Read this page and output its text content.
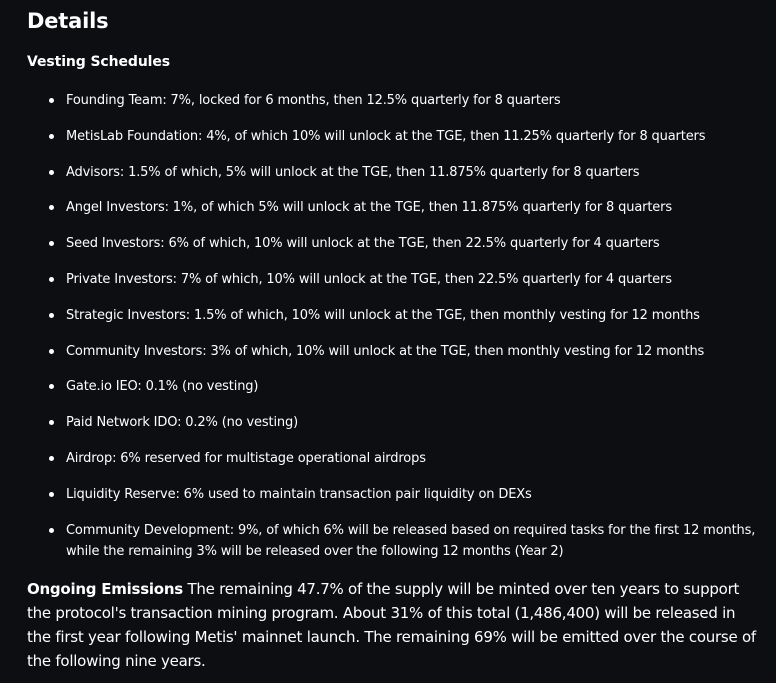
Details
Vesting Schedules
Founding Team: 7%, locked for 6 months, then 12.5% quarterly for 8 quarters
MetisLab Foundation: 4%, of which 10% will unlock at the TGE, then 11.25% quarterly for 8 quarters
Advisors: 1.5% of which, 5% will unlock at the TGE, then 11.875% quarterly for 8 quarters
Angel Investors: 1%, of which 5% will unlock at the TGE, then 11.875% quarterly for 8 quarters
Seed Investors: 6% of which, 10% will unlock at the TGE, then 22.5% quarterly for 4 quarters
Private Investors: 7% of which, 10% will unlock at the TGE, then 22.5% quarterly for 4 quarters
Strategic Investors: 1.5% of which, 10% will unlock at the TGE, then monthly vesting for 12 months
Community Investors: 3% of which, 10% will unlock at the TGE, then monthly vesting for 12 months
Gate.io IEO: 0.1% (no vesting)
Paid Network IDO: 0.2% (no vesting)
Airdrop: 6% reserved for multistage operational airdrops
Liquidity Reserve: 6% used to maintain transaction pair liquidity on DEXs
Community Development: 9%, of which 6% will be released based on required tasks for the first 12 months, while the remaining 3% will be released over the following 12 months (Year 2)

Ongoing Emissions The remaining 47.7% of the supply will be minted over ten years to support the protocol's transaction mining program. About 31% of this total (1,486,400) will be released in the first year following Metis' mainnet launch. The remaining 69% will be emitted over the course of the following nine years.
